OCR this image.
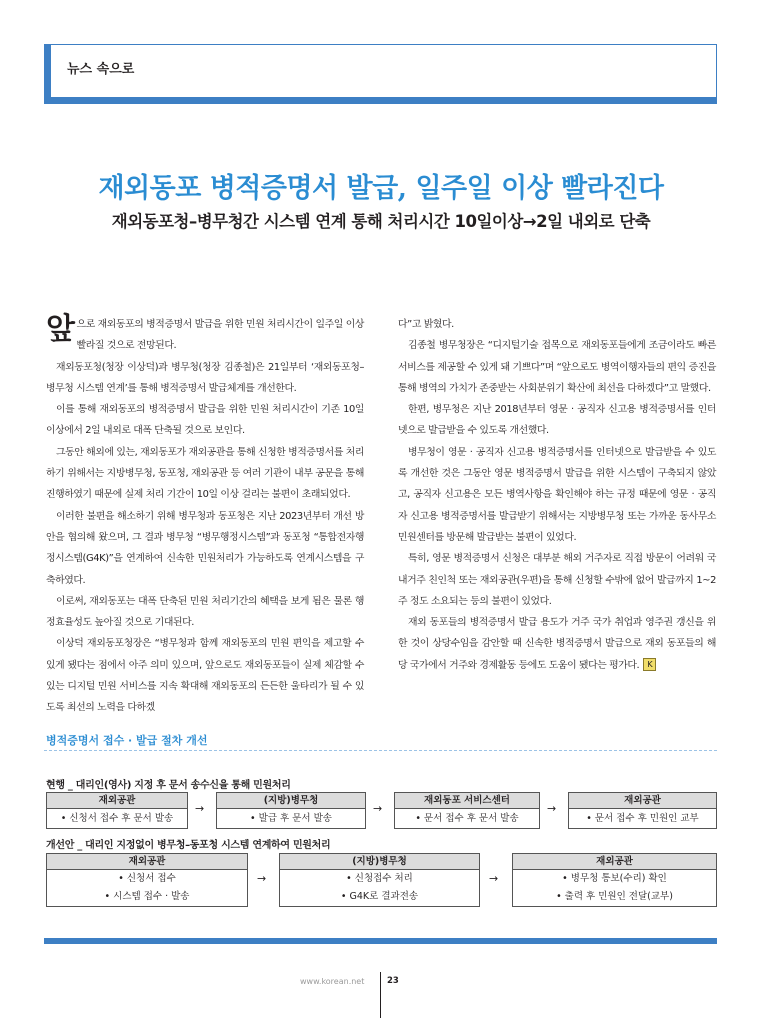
뉴스 속으로
재외동포 병적증명서 발급, 일주일 이상 빨라진다
재외동포청–병무청간 시스템 연계 통해 처리시간 10일이상→2일 내외로 단축

앞으로 재외동포의 병적증명서 발급을 위한 민원 처리시간이 일주일 이상 빨라질 것으로 전망된다.

재외동포청(청장 이상덕)과 병무청(청장 김종철)은 21일부터 ‘재외동포청–병무청 시스템 연계’를 통해 병적증명서 발급체계를 개선한다.

이를 통해 재외동포의 병적증명서 발급을 위한 민원 처리시간이 기존 10일 이상에서 2일 내외로 대폭 단축될 것으로 보인다.

그동안 해외에 있는, 재외동포가 재외공관을 통해 신청한 병적증명서를 처리하기 위해서는 지방병무청, 동포청, 재외공관 등 여러 기관이 내부 공문을 통해 진행하였기 때문에 실제 처리 기간이 10일 이상 걸리는 불편이 초래되었다.

이러한 불편을 해소하기 위해 병무청과 동포청은 지난 2023년부터 개선 방안을 협의해 왔으며, 그 결과 병무청 “병무행정시스템”과 동포청 “통합전자행정시스템(G4K)”을 연계하여 신속한 민원처리가 가능하도록 연계시스템을 구축하였다.

이로써, 재외동포는 대폭 단축된 민원 처리기간의 혜택을 보게 됨은 물론 행정효율성도 높아질 것으로 기대된다.

이상덕 재외동포청장은 “병무청과 함께 재외동포의 민원 편익을 제고할 수 있게 됐다는 점에서 아주 의미 있으며, 앞으로도 재외동포들이 실제 체감할 수 있는 디지털 민원 서비스를 지속 확대해 재외동포의 든든한 울타리가 될 수 있도록 최선의 노력을 다하겠

다”고 밝혔다.

김종철 병무청장은 “디지털기술 접목으로 재외동포들에게 조금이라도 빠른 서비스를 제공할 수 있게 돼 기쁘다”며 “앞으로도 병역이행자들의 편익 증진을 통해 병역의 가치가 존중받는 사회분위기 확산에 최선을 다하겠다”고 말했다.

한편, 병무청은 지난 2018년부터 영문 · 공직자 신고용 병적증명서를 인터넷으로 발급받을 수 있도록 개선했다.

병무청이 영문 · 공직자 신고용 병적증명서를 인터넷으로 발급받을 수 있도록 개선한 것은 그동안 영문 병적증명서 발급을 위한 시스템이 구축되지 않았고, 공직자 신고용은 모든 병역사항을 확인해야 하는 규정 때문에 영문 · 공직자 신고용 병적증명서를 발급받기 위해서는 지방병무청 또는 가까운 동사무소 민원센터를 방문해 발급받는 불편이 있었다.

특히, 영문 병적증명서 신청은 대부분 해외 거주자로 직접 방문이 어려워 국내거주 친인척 또는 재외공관(우편)을 통해 신청할 수밖에 없어 발급까지 1~2주 정도 소요되는 등의 불편이 있었다.

재외 동포들의 병적증명서 발급 용도가 거주 국가 취업과 영주권 갱신을 위한 것이 상당수임을 감안할 때 신속한 병적증명서 발급으로 재외 동포들의 해당 국가에서 거주와 경제활동 등에도 도움이 됐다는 평가다. K

병적증명서 접수 · 발급 절차 개선
현행 _ 대리인(영사) 지정 후 문서 송수신을 통해 민원처리
재외공관
• 신청서 접수 후 문서 발송
→
(지방)병무청
• 발급 후 문서 발송
→
재외동포 서비스센터
• 문서 접수 후 문서 발송
→
재외공관
• 문서 접수 후 민원인 교부
개선안 _ 대리인 지정없이 병무청–동포청 시스템 연계하여 민원처리
재외공관
• 신청서 접수
• 시스템 접수 · 발송
→
(지방)병무청
• 신청접수 처리
• G4K로 결과전송
→
재외공관
• 병무청 통보(수리) 확인
• 출력 후 민원인 전달(교부)
www.korean.net	23
